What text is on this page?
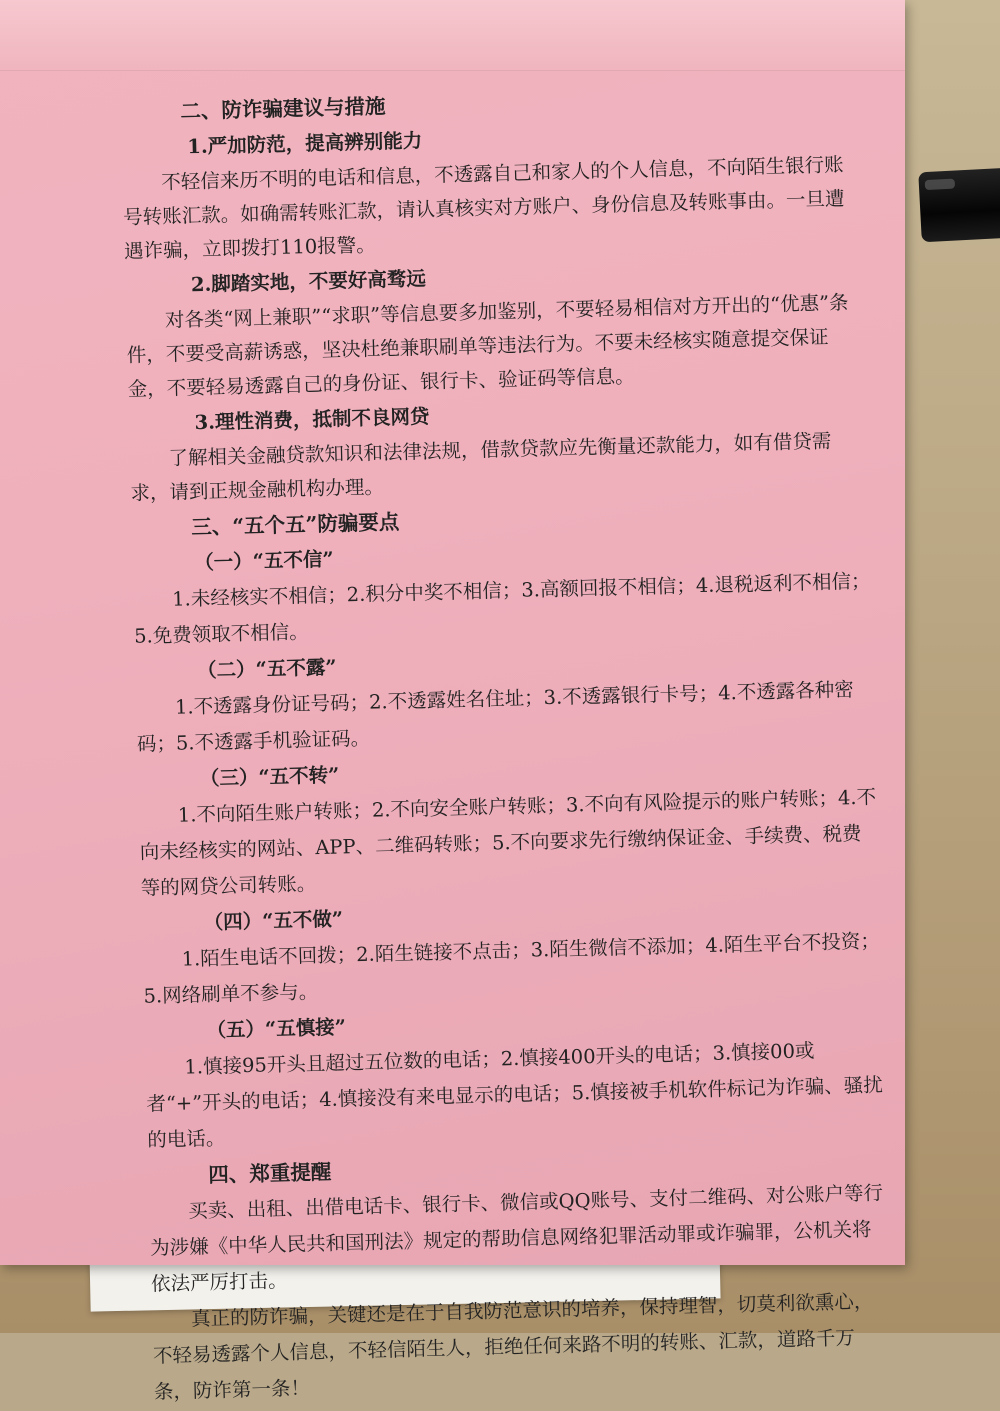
二、防诈骗建议与措施

1.严加防范，提高辨别能力

不轻信来历不明的电话和信息，不透露自己和家人的个人信息，不向陌生银行账号转账汇款。如确需转账汇款，请认真核实对方账户、身份信息及转账事由。一旦遭遇诈骗，立即拨打110报警。

2.脚踏实地，不要好高骛远

对各类“网上兼职”“求职”等信息要多加鉴别，不要轻易相信对方开出的“优惠”条件，不要受高薪诱惑，坚决杜绝兼职刷单等违法行为。不要未经核实随意提交保证金，不要轻易透露自己的身份证、银行卡、验证码等信息。

3.理性消费，抵制不良网贷

了解相关金融贷款知识和法律法规，借款贷款应先衡量还款能力，如有借贷需求，请到正规金融机构办理。

三、“五个五”防骗要点

（一）“五不信”

1.未经核实不相信；2.积分中奖不相信；3.高额回报不相信；4.退税返利不相信；5.免费领取不相信。

（二）“五不露”

1.不透露身份证号码；2.不透露姓名住址；3.不透露银行卡号；4.不透露各种密码；5.不透露手机验证码。

（三）“五不转”

1.不向陌生账户转账；2.不向安全账户转账；3.不向有风险提示的账户转账；4.不向未经核实的网站、APP、二维码转账；5.不向要求先行缴纳保证金、手续费、税费等的网贷公司转账。

（四）“五不做”

1.陌生电话不回拨；2.陌生链接不点击；3.陌生微信不添加；4.陌生平台不投资；5.网络刷单不参与。

（五）“五慎接”

1.慎接95开头且超过五位数的电话；2.慎接400开头的电话；3.慎接00或者“+”开头的电话；4.慎接没有来电显示的电话；5.慎接被手机软件标记为诈骗、骚扰的电话。

四、郑重提醒

买卖、出租、出借电话卡、银行卡、微信或QQ账号、支付二维码、对公账户等行为涉嫌《中华人民共和国刑法》规定的帮助信息网络犯罪活动罪或诈骗罪，公机关将依法严厉打击。

真正的防诈骗，关键还是在于自我防范意识的培养，保持理智，切莫利欲熏心，不轻易透露个人信息，不轻信陌生人，拒绝任何来路不明的转账、汇款，道路千万条，防诈第一条！
